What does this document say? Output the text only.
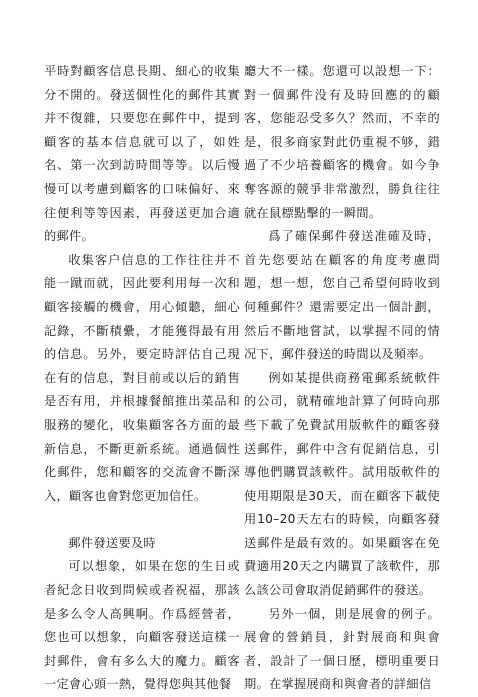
平時對顧客信息長期、細心的收集分不開的。發送個性化的郵件其實并不復雜，只要您在郵件中，提到顧客的基本信息就可以了，如姓名、第一次到訪時間等等。以后慢慢可以考慮到顧客的口味偏好、來往便利等等因素，再發送更加合適的郵件。

收集客户信息的工作往往并不能一蹴而就，因此要利用每一次和顧客接觸的機會，用心傾聽，細心記錄，不斷積纍，才能獲得最有用的信息。另外，要定時評估自己現在有的信息，對目前或以后的銷售是否有用，并根據餐館推出菜品和服務的變化，收集顧客各方面的最新信息，不斷更新系統。通過個性化郵件，您和顧客的交流會不斷深入，顧客也會對您更加信任。

郵件發送要及時

可以想象，如果在您的生日或者紀念日收到問候或者祝福，那該是多么令人高興啊。作爲經營者，您也可以想象，向顧客發送這樣一封郵件，會有多么大的魔力。顧客一定會心頭一熱，覺得您與其他餐

廳大不一樣。您還可以設想一下：對一個郵件没有及時回應的的顧客，您能忍受多久？然而，不幸的是，很多商家對此仍重視不够，錯過了不少培養顧客的機會。如今争奪客源的競爭非常激烈，勝負往往就在鼠標點擊的一瞬間。

爲了確保郵件發送准確及時，首先您要站在顧客的角度考慮問題，想一想，您自己希望何時收到何種郵件？還需要定出一個計劃，然后不斷地嘗試，以掌握不同的情况下，郵件發送的時間以及頻率。

例如某提供商務電郵系統軟件的公司，就精確地計算了何時向那些下載了免費試用版軟件的顧客發送郵件，郵件中含有促銷信息，引導他們購買該軟件。試用版軟件的使用期限是30天，而在顧客下載使用10–20天左右的時候，向顧客發送郵件是最有效的。如果顧客在免費適用20天之内購買了該軟件，那么該公司會取消促銷郵件的發送。

另外一個，則是展會的例子。展會的營銷員，針對展商和與會者，設計了一個日歷，標明重要日期。在掌握展商和與會者的詳細信
